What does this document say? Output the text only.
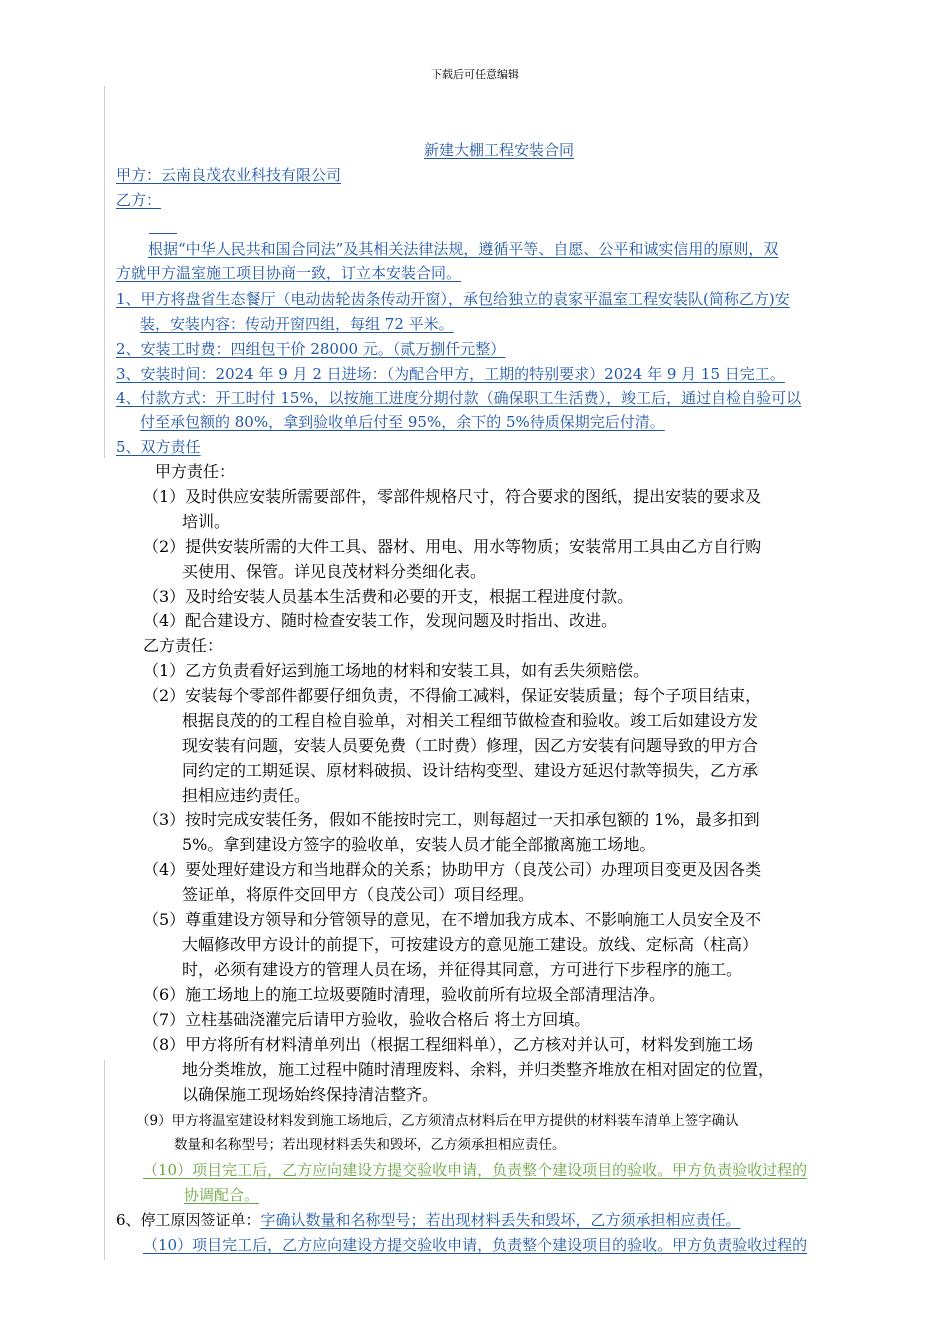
下载后可任意编辑
新建大棚工程安装合同
甲方：云南良茂农业科技有限公司
乙方：
根据“中华人民共和国合同法”及其相关法律法规，遵循平等、自愿、公平和诚实信用的原则，双
方就甲方温室施工项目协商一致，订立本安装合同。
1、甲方将盘省生态餐厅（电动齿轮齿条传动开窗），承包给独立的袁家平温室工程安装队(简称乙方)安
装，安装内容：传动开窗四组，每组 72 平米。
2、安装工时费：四组包干价 28000 元。（贰万捌仟元整）
3、安装时间：2024 年 9 月 2 日进场：（为配合甲方，工期的特别要求）2024 年 9 月 15 日完工。
4、付款方式：开工时付 15%，以按施工进度分期付款（确保职工生活费），竣工后，通过自检自验可以
付至承包额的 80%，拿到验收单后付至 95%，余下的 5%待质保期完后付清。
5、双方责任
甲方责任：
（1）及时供应安装所需要部件，零部件规格尺寸，符合要求的图纸，提出安装的要求及
培训。
（2）提供安装所需的大件工具、器材、用电、用水等物质；安装常用工具由乙方自行购
买使用、保管。详见良茂材料分类细化表。
（3）及时给安装人员基本生活费和必要的开支，根据工程进度付款。
（4）配合建设方、随时检查安装工作，发现问题及时指出、改进。
乙方责任：
（1）乙方负责看好运到施工场地的材料和安装工具，如有丢失须赔偿。
（2）安装每个零部件都要仔细负责，不得偷工减料，保证安装质量；每个子项目结束，
根据良茂的的工程自检自验单，对相关工程细节做检查和验收。竣工后如建设方发
现安装有问题，安装人员要免费（工时费）修理，因乙方安装有问题导致的甲方合
同约定的工期延误、原材料破损、设计结构变型、建设方延迟付款等损失，乙方承
担相应违约责任。
（3）按时完成安装任务，假如不能按时完工，则每超过一天扣承包额的 1%，最多扣到
5%。拿到建设方签字的验收单，安装人员才能全部撤离施工场地。
（4）要处理好建设方和当地群众的关系；协助甲方（良茂公司）办理项目变更及因各类
签证单，将原件交回甲方（良茂公司）项目经理。
（5）尊重建设方领导和分管领导的意见，在不增加我方成本、不影响施工人员安全及不
大幅修改甲方设计的前提下，可按建设方的意见施工建设。放线、定标高（柱高）
时，必须有建设方的管理人员在场，并征得其同意，方可进行下步程序的施工。
（6）施工场地上的施工垃圾要随时清理，验收前所有垃圾全部清理洁净。
（7）立柱基础浇灌完后请甲方验收，验收合格后 将土方回填。
（8）甲方将所有材料清单列出（根据工程细料单），乙方核对并认可，材料发到施工场
地分类堆放，施工过程中随时清理废料、余料，并归类整齐堆放在相对固定的位置，
以确保施工现场始终保持清洁整齐。
（9）甲方将温室建设材料发到施工场地后，乙方须清点材料后在甲方提供的材料装车清单上签字确认
数量和名称型号；若出现材料丢失和毁坏，乙方须承担相应责任。
（10）项目完工后，乙方应向建设方提交验收申请，负责整个建设项目的验收。甲方负责验收过程的
协调配合。
6、停工原因签证单：字确认数量和名称型号；若出现材料丢失和毁坏，乙方须承担相应责任。
（10）项目完工后，乙方应向建设方提交验收申请，负责整个建设项目的验收。甲方负责验收过程的
